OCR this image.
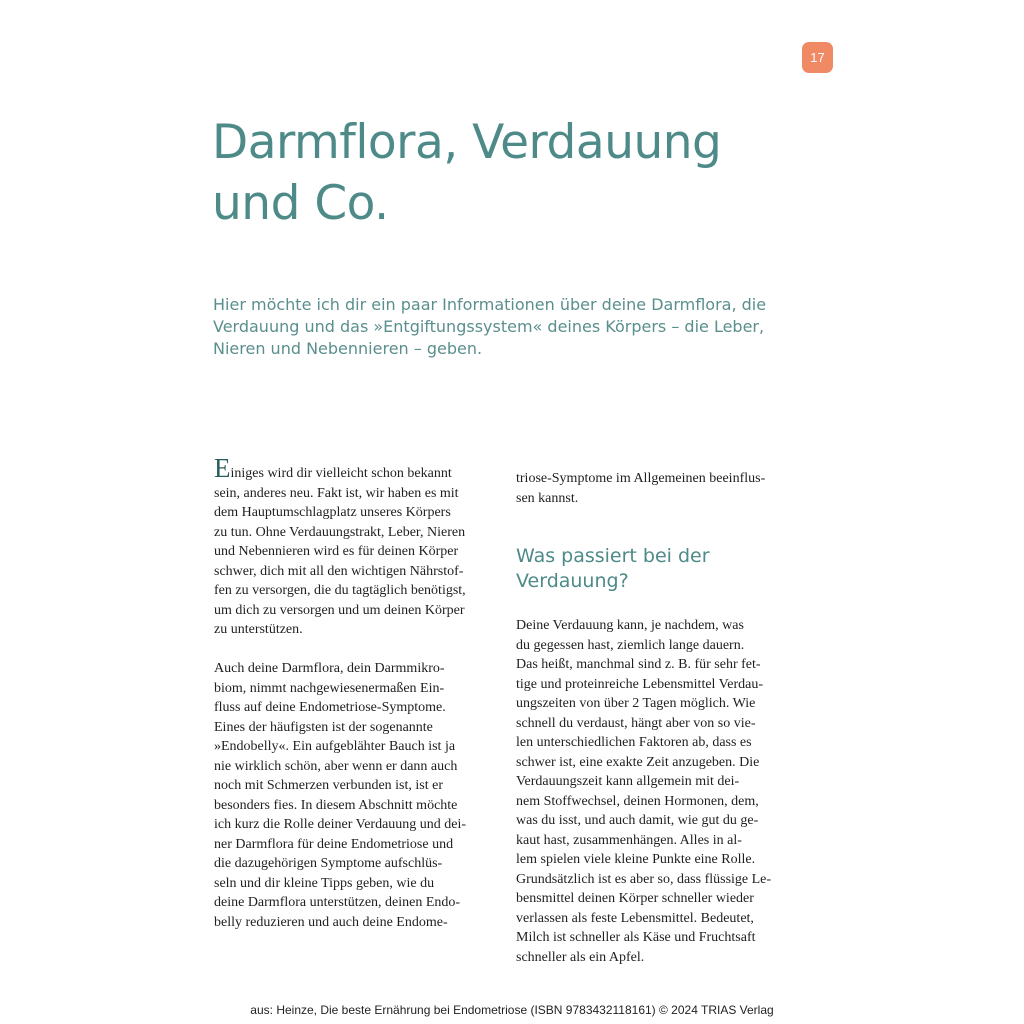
17
Darmflora, Verdauung
und Co.

Hier möchte ich dir ein paar Informationen über deine Darmflora, die
Verdauung und das »Entgiftungssystem« deines Körpers – die Leber,
Nieren und Nebennieren – geben.

Einiges wird dir vielleicht schon bekannt
sein, anderes neu. Fakt ist, wir haben es mit
dem Hauptumschlagplatz unseres Körpers
zu tun. Ohne Verdauungstrakt, Leber, Nieren
und Nebennieren wird es für deinen Körper
schwer, dich mit all den wichtigen Nährstof-
fen zu versorgen, die du tagtäglich benötigst,
um dich zu versorgen und um deinen Körper
zu unterstützen.

Auch deine Darmflora, dein Darmmikro-
biom, nimmt nachgewiesenermaßen Ein-
fluss auf deine Endometriose-Symptome.
Eines der häufigsten ist der sogenannte
»Endobelly«. Ein aufgeblähter Bauch ist ja
nie wirklich schön, aber wenn er dann auch
noch mit Schmerzen verbunden ist, ist er
besonders fies. In diesem Abschnitt möchte
ich kurz die Rolle deiner Verdauung und dei-
ner Darmflora für deine Endometriose und
die dazugehörigen Symptome aufschlüs-
seln und dir kleine Tipps geben, wie du
deine Darmflora unterstützen, deinen Endo-
belly reduzieren und auch deine Endome-

triose-Symptome im Allgemeinen beeinflus-
sen kannst.

Was passiert bei der
Verdauung?

Deine Verdauung kann, je nachdem, was
du gegessen hast, ziemlich lange dauern.
Das heißt, manchmal sind z. B. für sehr fet-
tige und proteinreiche Lebensmittel Verdau-
ungszeiten von über 2 Tagen möglich. Wie
schnell du verdaust, hängt aber von so vie-
len unterschiedlichen Faktoren ab, dass es
schwer ist, eine exakte Zeit anzugeben. Die
Verdauungszeit kann allgemein mit dei-
nem Stoffwechsel, deinen Hormonen, dem,
was du isst, und auch damit, wie gut du ge-
kaut hast, zusammenhängen. Alles in al-
lem spielen viele kleine Punkte eine Rolle.
Grundsätzlich ist es aber so, dass flüssige Le-
bensmittel deinen Körper schneller wieder
verlassen als feste Lebensmittel. Bedeutet,
Milch ist schneller als Käse und Fruchtsaft
schneller als ein Apfel.

aus: Heinze, Die beste Ernährung bei Endometriose (ISBN 9783432118161) © 2024 TRIAS Verlag
